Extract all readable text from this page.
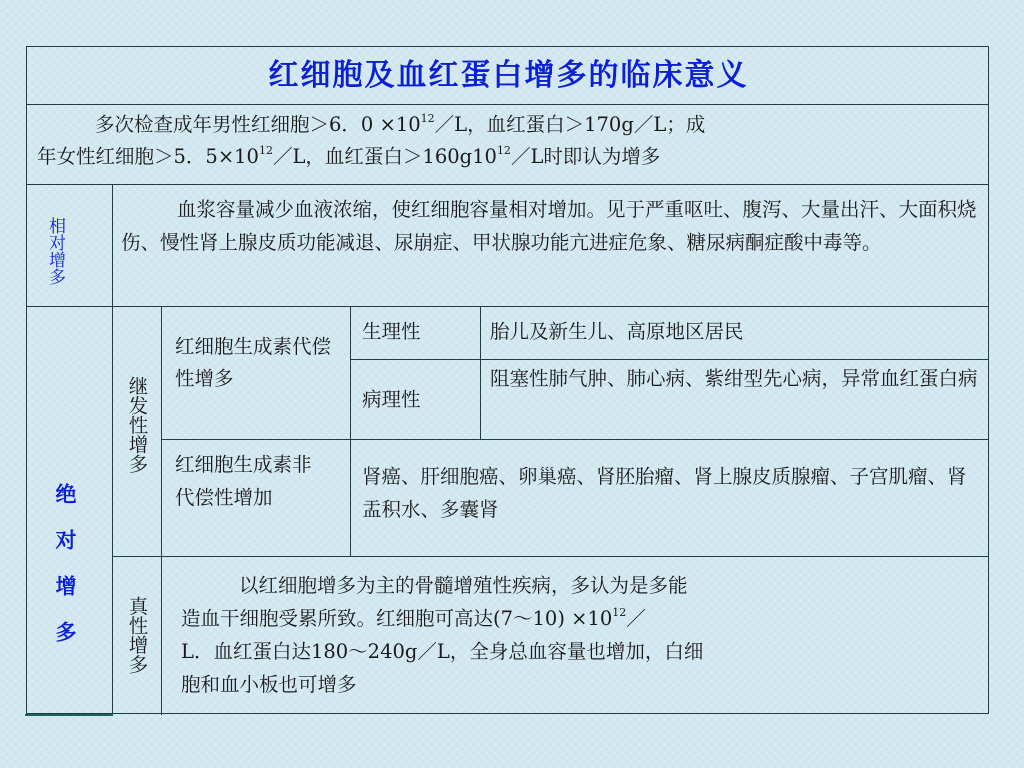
红细胞及血红蛋白增多的临床意义
多次检查成年男性红细胞＞6．$0 \times 10^{12}/L$，血红蛋白＞170g／L；成
年女性红细胞＞5．$5\times 10^{12}/L$，血红蛋白$>160g10^{12}/L$时即认为增多
相对增多
血浆容量减少血液浓缩，使红细胞容量相对增加。见于严重呕吐、腹泻、大量出汗、大面积烧伤、慢性肾上腺皮质功能减退、尿崩症、甲状腺功能亢进症危象、糖尿病酮症酸中毒等。
绝 对 增 多
继发性增多
红细胞生成素代偿性增多
生理性	胎儿及新生儿、高原地区居民
病理性
阻塞性肺气肿、肺心病、紫绀型先心病，异常血红蛋白病
红细胞生成素非代偿性增加
肾癌、肝细胞癌、卵巢癌、肾胚胎瘤、肾上腺皮质腺瘤、子宫肌瘤、肾盂积水、多囊肾
真性增多
以红细胞增多为主的骨髓增殖性疾病，多认为是多能
造血干细胞受累所致。红细胞可高达(7～10) $\times 10^{12}/$
L．血红蛋白达180～240g／L，全身总血容量也增加，白细
胞和血小板也可增多
